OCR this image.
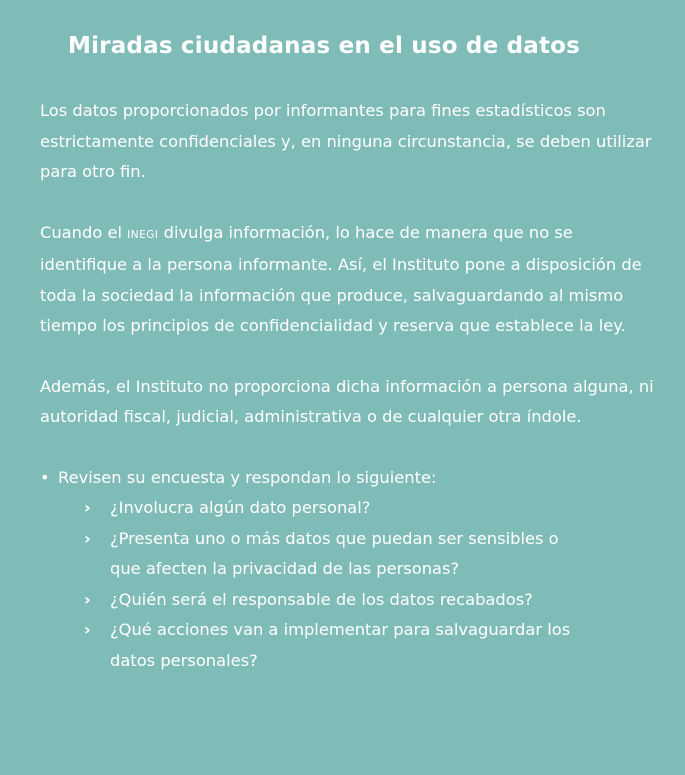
Miradas ciudadanas en el uso de datos

Los datos proporcionados por informantes para fines estadísticos son estrictamente confidenciales y, en ninguna circunstancia, se deben utilizar para otro fin.

Cuando el INEGI divulga información, lo hace de manera que no se identifique a la persona informante. Así, el Instituto pone a disposición de toda la sociedad la información que produce, salvaguardando al mismo tiempo los principios de confidencialidad y reserva que establece la ley.

Además, el Instituto no proporciona dicha información a persona alguna, ni autoridad fiscal, judicial, administrativa o de cualquier otra índole.

• Revisen su encuesta y respondan lo siguiente:
›	¿Involucra algún dato personal?
›	¿Presenta uno o más datos que puedan ser sensibles o que afecten la privacidad de las personas?
›	¿Quién será el responsable de los datos recabados?
›	¿Qué acciones van a implementar para salvaguardar los datos personales?
